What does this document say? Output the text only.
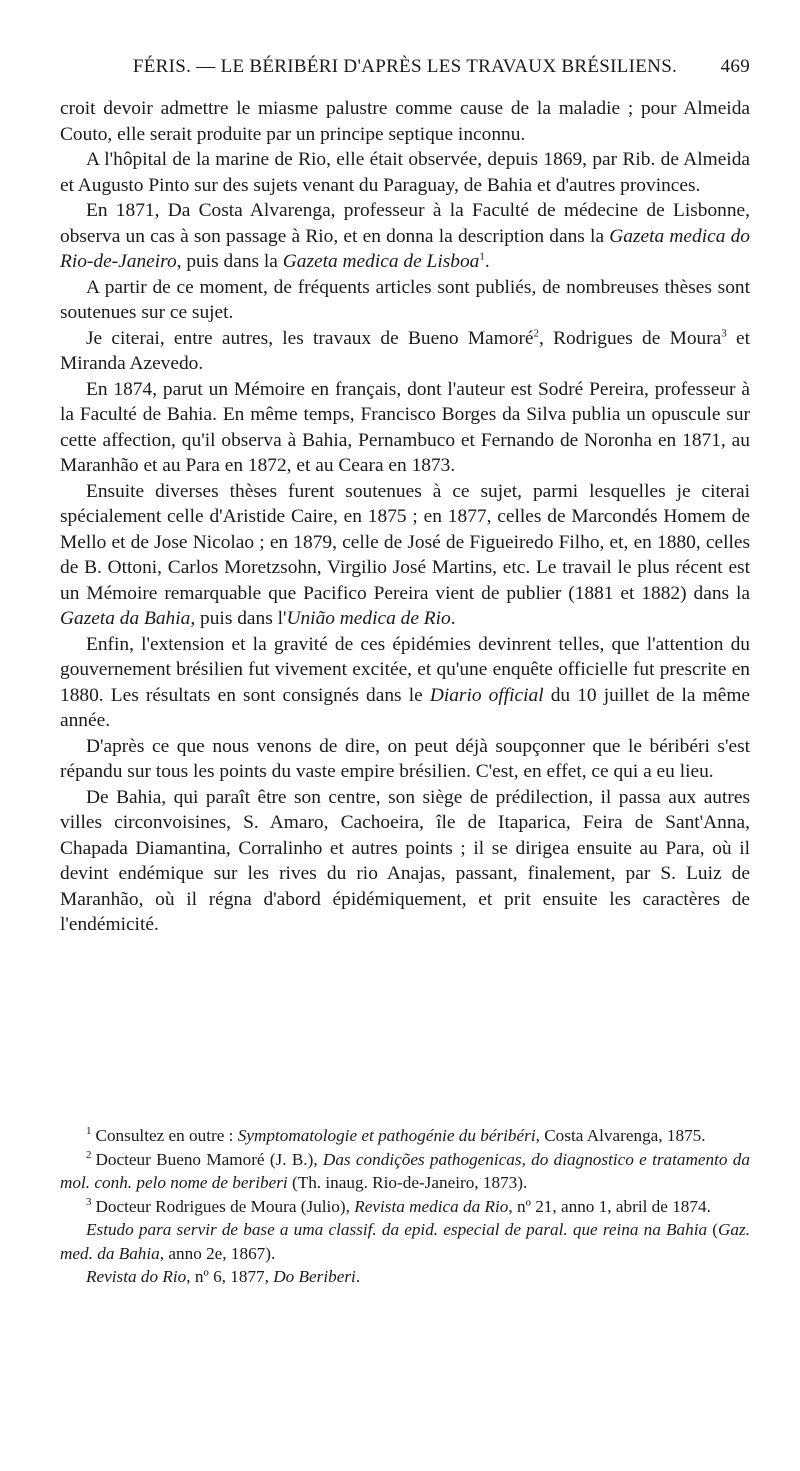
FÉRIS. — LE BÉRIBÉRI D'APRÈS LES TRAVAUX BRÉSILIENS. 469

croit devoir admettre le miasme palustre comme cause de la maladie ; pour Almeida Couto, elle serait produite par un principe septique inconnu.

A l'hôpital de la marine de Rio, elle était observée, depuis 1869, par Rib. de Almeida et Augusto Pinto sur des sujets venant du Paraguay, de Bahia et d'autres provinces.

En 1871, Da Costa Alvarenga, professeur à la Faculté de médecine de Lisbonne, observa un cas à son passage à Rio, et en donna la description dans la Gazeta medica do Rio-de-Janeiro, puis dans la Gazeta medica de Lisboa$^1$.

A partir de ce moment, de fréquents articles sont publiés, de nombreuses thèses sont soutenues sur ce sujet.

Je citerai, entre autres, les travaux de Bueno Mamoré$^2$, Rodrigues de Moura$^3$ et Miranda Azevedo.

En 1874, parut un Mémoire en français, dont l'auteur est Sodré Pereira, professeur à la Faculté de Bahia. En même temps, Francisco Borges da Silva publia un opuscule sur cette affection, qu'il observa à Bahia, Pernambuco et Fernando de Noronha en 1871, au Maranhão et au Para en 1872, et au Ceara en 1873.

Ensuite diverses thèses furent soutenues à ce sujet, parmi lesquelles je citerai spécialement celle d'Aristide Caire, en 1875 ; en 1877, celles de Marcondés Homem de Mello et de Jose Nicolao ; en 1879, celle de José de Figueiredo Filho, et, en 1880, celles de B. Ottoni, Carlos Moretzsohn, Virgilio José Martins, etc. Le travail le plus récent est un Mémoire remarquable que Pacifico Pereira vient de publier (1881 et 1882) dans la Gazeta da Bahia, puis dans l'União medica de Rio.

Enfin, l'extension et la gravité de ces épidémies devinrent telles, que l'attention du gouvernement brésilien fut vivement excitée, et qu'une enquête officielle fut prescrite en 1880. Les résultats en sont consignés dans le Diario official du 10 juillet de la même année.

D'après ce que nous venons de dire, on peut déjà soupçonner que le béribéri s'est répandu sur tous les points du vaste empire brésilien. C'est, en effet, ce qui a eu lieu.

De Bahia, qui paraît être son centre, son siège de prédilection, il passa aux autres villes circonvoisines, S. Amaro, Cachoeira, île de Itaparica, Feira de Sant'Anna, Chapada Diamantina, Corralinho et autres points ; il se dirigea ensuite au Para, où il devint endémique sur les rives du rio Anajas, passant, finalement, par S. Luiz de Maranhão, où il régna d'abord épidémiquement, et prit ensuite les caractères de l'endémicité.

$^1$ Consultez en outre : Symptomatologie et pathogénie du béribéri, Costa Alvarenga, 1875.

$^2$ Docteur Bueno Mamoré (J. B.), Das condições pathogenicas, do diagnostico e tratamento da mol. conh. pelo nome de beriberi (Th. inaug. Rio-de-Janeiro, 1873).

$^3$ Docteur Rodrigues de Moura (Julio), Revista medica da Rio, nº 21, anno 1, abril de 1874.

Estudo para servir de base a uma classif. da epid. especial de paral. que reina na Bahia (Gaz. med. da Bahia, anno 2e, 1867).

Revista do Rio, nº 6, 1877, Do Beriberi.
